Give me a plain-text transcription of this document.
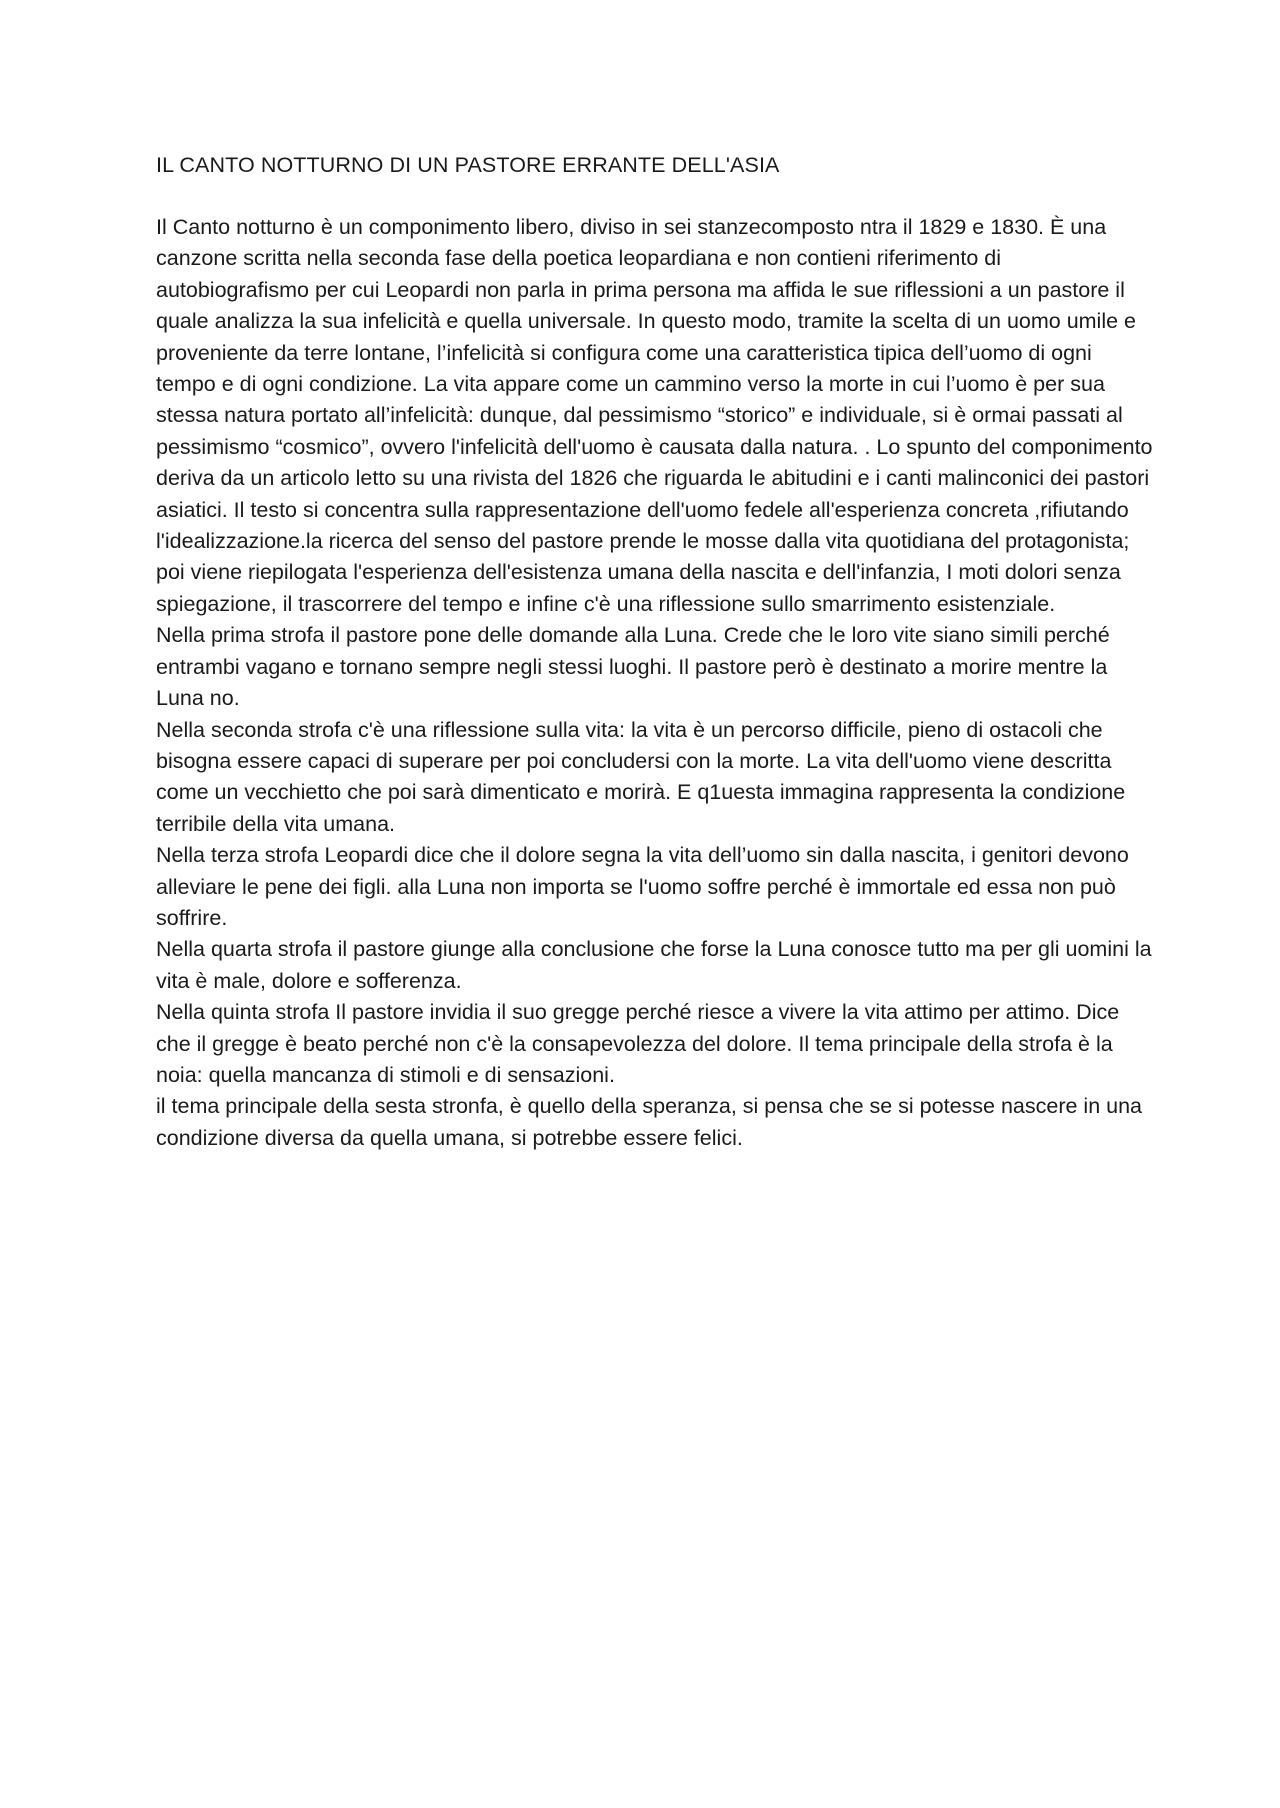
IL CANTO NOTTURNO DI UN PASTORE ERRANTE DELL'ASIA

Il Canto notturno è un componimento libero, diviso in sei stanzecomposto ntra il 1829 e 1830. È una canzone scritta nella seconda fase della poetica leopardiana e non contieni riferimento di autobiografismo per cui Leopardi non parla in prima persona ma affida le sue riflessioni a un pastore il quale analizza la sua infelicità e quella universale. In questo modo, tramite la scelta di un uomo umile e proveniente da terre lontane, l’infelicità si configura come una caratteristica tipica dell’uomo di ogni tempo e di ogni condizione. La vita appare come un cammino verso la morte in cui l’uomo è per sua stessa natura portato all’infelicità: dunque, dal pessimismo “storico” e individuale, si è ormai passati al pessimismo “cosmico”, ovvero l'infelicità dell'uomo è causata dalla natura. . Lo spunto del componimento deriva da un articolo letto su una rivista del 1826 che riguarda le abitudini e i canti malinconici dei pastori asiatici. Il testo si concentra sulla rappresentazione dell'uomo fedele all'esperienza concreta ,rifiutando l'idealizzazione.la ricerca del senso del pastore prende le mosse dalla vita quotidiana del protagonista; poi viene riepilogata l'esperienza dell'esistenza umana della nascita e dell'infanzia, I moti dolori senza spiegazione, il trascorrere del tempo e infine c'è una riflessione sullo smarrimento esistenziale.

Nella prima strofa il pastore pone delle domande alla Luna. Crede che le loro vite siano simili perché entrambi vagano e tornano sempre negli stessi luoghi. Il pastore però è destinato a morire mentre la Luna no.

Nella seconda strofa c'è una riflessione sulla vita: la vita è un percorso difficile, pieno di ostacoli che bisogna essere capaci di superare per poi concludersi con la morte. La vita dell'uomo viene descritta come un vecchietto che poi sarà dimenticato e morirà. E q1uesta immagina rappresenta la condizione terribile della vita umana.

Nella terza strofa Leopardi dice che il dolore segna la vita dell’uomo sin dalla nascita, i genitori devono alleviare le pene dei figli. alla Luna non importa se l'uomo soffre perché è immortale ed essa non può soffrire.

Nella quarta strofa il pastore giunge alla conclusione che forse la Luna conosce tutto ma per gli uomini la vita è male, dolore e sofferenza.

Nella quinta strofa Il pastore invidia il suo gregge perché riesce a vivere la vita attimo per attimo. Dice che il gregge è beato perché non c'è la consapevolezza del dolore. Il tema principale della strofa è la noia: quella mancanza di stimoli e di sensazioni.

il tema principale della sesta stronfa, è quello della speranza, si pensa che se si potesse nascere in una condizione diversa da quella umana, si potrebbe essere felici.
